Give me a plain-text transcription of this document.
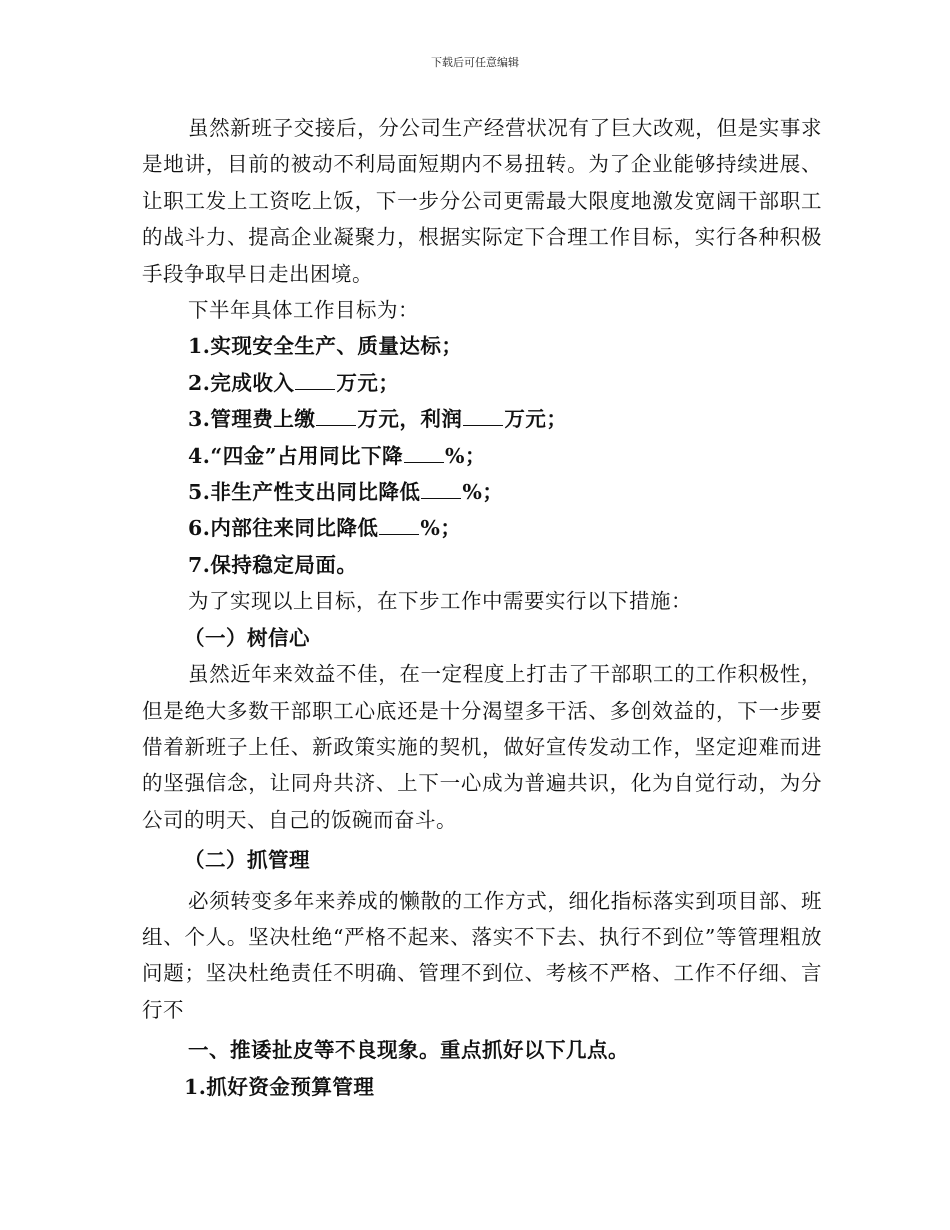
下载后可任意编辑

虽然新班子交接后，分公司生产经营状况有了巨大改观，但是实事求是地讲，目前的被动不利局面短期内不易扭转。为了企业能够持续进展、让职工发上工资吃上饭，下一步分公司更需最大限度地激发宽阔干部职工的战斗力、提高企业凝聚力，根据实际定下合理工作目标，实行各种积极手段争取早日走出困境。

下半年具体工作目标为：

1.实现安全生产、质量达标；

2.完成收入 万元；

3.管理费上缴 万元，利润 万元；

4.“四金”占用同比下降 %；

5.非生产性支出同比降低 %；

6.内部往来同比降低 %；

7.保持稳定局面。

为了实现以上目标，在下步工作中需要实行以下措施：

（一）树信心

虽然近年来效益不佳，在一定程度上打击了干部职工的工作积极性，但是绝大多数干部职工心底还是十分渴望多干活、多创效益的，下一步要借着新班子上任、新政策实施的契机，做好宣传发动工作，坚定迎难而进的坚强信念，让同舟共济、上下一心成为普遍共识，化为自觉行动，为分公司的明天、自己的饭碗而奋斗。

（二）抓管理

必须转变多年来养成的懒散的工作方式，细化指标落实到项目部、班组、个人。坚决杜绝“严格不起来、落实不下去、执行不到位”等管理粗放问题；坚决杜绝责任不明确、管理不到位、考核不严格、工作不仔细、言行不

一、推诿扯皮等不良现象。重点抓好以下几点。

1.抓好资金预算管理
